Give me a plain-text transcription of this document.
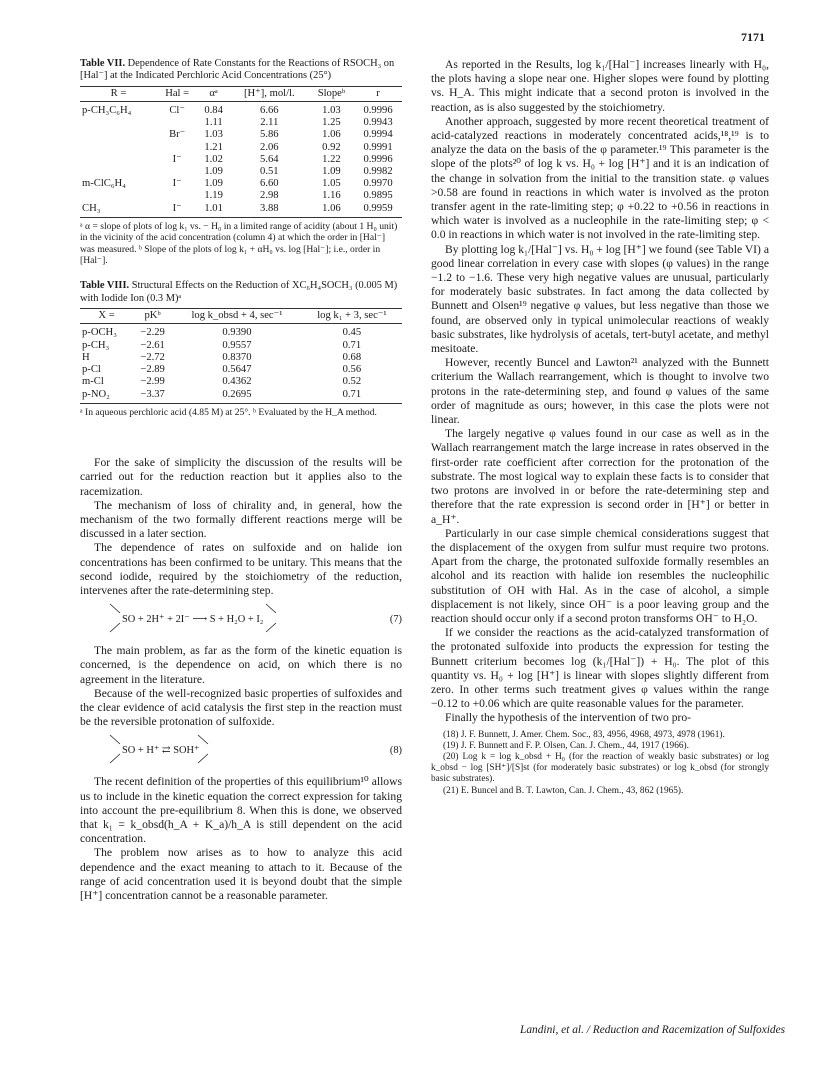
7171
Table VII. Dependence of Rate Constants for the Reactions of RSOCH₃ on [Hal⁻] at the Indicated Perchloric Acid Concentrations (25°)
R =	Hal =	αᵃ	[H⁺], mol/l.	Slopeᵇ	r
p-CH₃C₆H₄	Cl⁻	0.84	6.66	1.03	0.9996
		1.11	2.11	1.25	0.9943
	Br⁻	1.03	5.86	1.06	0.9994
		1.21	2.06	0.92	0.9991
	I⁻	1.02	5.64	1.22	0.9996
		1.09	0.51	1.09	0.9982
m-ClC₆H₄	I⁻	1.09	6.60	1.05	0.9970
		1.19	2.98	1.16	0.9895
CH₃	I⁻	1.01	3.88	1.06	0.9959
ᵃ α = slope of plots of log k₁ vs. − H₀ in a limited range of acidity (about 1 H₀ unit) in the vicinity of the acid concentration (column 4) at which the order in [Hal⁻] was measured. ᵇ Slope of the plots of log k₁ + αH₀ vs. log [Hal⁻]; i.e., order in [Hal⁻].
Table VIII. Structural Effects on the Reduction of XC₆H₄SOCH₃ (0.005 M) with Iodide Ion (0.3 M)ᵃ
X =	pKᵇ	log k_obsd + 4, sec⁻¹	log k₁ + 3, sec⁻¹
p-OCH₃	−2.29	0.9390	0.45
p-CH₃	−2.61	0.9557	0.71
H	−2.72	0.8370	0.68
p-Cl	−2.89	0.5647	0.56
m-Cl	−2.99	0.4362	0.52
p-NO₂	−3.37	0.2695	0.71
ᵃ In aqueous perchloric acid (4.85 M) at 25°. ᵇ Evaluated by the H_A method.

For the sake of simplicity the discussion of the results will be carried out for the reduction reaction but it applies also to the racemization.

The mechanism of loss of chirality and, in general, how the mechanism of the two formally different reactions merge will be discussed in a later section.

The dependence of rates on sulfoxide and on halide ion concentrations has been confirmed to be unitary. This means that the second iodide, required by the stoichiometry of the reduction, intervenes after the rate-determining step.

SO + 2H⁺ + 2I⁻ ⟶ S + H₂O + I₂	(7)

The main problem, as far as the form of the kinetic equation is concerned, is the dependence on acid, on which there is no agreement in the literature.

Because of the well-recognized basic properties of sulfoxides and the clear evidence of acid catalysis the first step in the reaction must be the reversible protonation of sulfoxide.

SO + H⁺ ⇄ SOH⁺	(8)

The recent definition of the properties of this equilibrium¹⁰ allows us to include in the kinetic equation the correct expression for taking into account the pre-equilibrium 8. When this is done, we observed that k₁ = k_obsd(h_A + K_a)/h_A is still dependent on the acid concentration.

The problem now arises as to how to analyze this acid dependence and the exact meaning to attach to it. Because of the range of acid concentration used it is beyond doubt that the simple [H⁺] concentration cannot be a reasonable parameter.

As reported in the Results, log k₁/[Hal⁻] increases linearly with H₀, the plots having a slope near one. Higher slopes were found by plotting vs. H_A. This might indicate that a second proton is involved in the reaction, as is also suggested by the stoichiometry.

Another approach, suggested by more recent theoretical treatment of acid-catalyzed reactions in moderately concentrated acids,¹⁸,¹⁹ is to analyze the data on the basis of the φ parameter.¹⁹ This parameter is the slope of the plots²⁰ of log k vs. H₀ + log [H⁺] and it is an indication of the change in solvation from the initial to the transition state. φ values >0.58 are found in reactions in which water is involved as the proton transfer agent in the rate-limiting step; φ +0.22 to +0.56 in reactions in which water is involved as a nucleophile in the rate-limiting step; φ < 0.0 in reactions in which water is not involved in the rate-limiting step.

By plotting log k₁/[Hal⁻] vs. H₀ + log [H⁺] we found (see Table VI) a good linear correlation in every case with slopes (φ values) in the range −1.2 to −1.6. These very high negative values are unusual, particularly for moderately basic substrates. In fact among the data collected by Bunnett and Olsen¹⁹ negative φ values, but less negative than those we found, are observed only in typical unimolecular reactions of weakly basic substrates, like hydrolysis of acetals, tert-butyl acetate, and methyl mesitoate.

However, recently Buncel and Lawton²¹ analyzed with the Bunnett criterium the Wallach rearrangement, which is thought to involve two protons in the rate-determining step, and found φ values of the same order of magnitude as ours; however, in this case the plots were not linear.

The largely negative φ values found in our case as well as in the Wallach rearrangement match the large increase in rates observed in the first-order rate coefficient after correction for the protonation of the substrate. The most logical way to explain these facts is to consider that two protons are involved in or before the rate-determining step and therefore that the rate expression is second order in [H⁺] or better in a_H⁺.

Particularly in our case simple chemical considerations suggest that the displacement of the oxygen from sulfur must require two protons. Apart from the charge, the protonated sulfoxide formally resembles an alcohol and its reaction with halide ion resembles the nucleophilic substitution of OH with Hal. As in the case of alcohol, a simple displacement is not likely, since OH⁻ is a poor leaving group and the reaction should occur only if a second proton transforms OH⁻ to H₂O.

If we consider the reactions as the acid-catalyzed transformation of the protonated sulfoxide into products the expression for testing the Bunnett criterium becomes log (k₁/[Hal⁻]) + H₀. The plot of this quantity vs. H₀ + log [H⁺] is linear with slopes slightly different from zero. In other terms such treatment gives φ values within the range −0.12 to +0.06 which are quite reasonable values for the parameter.

Finally the hypothesis of the intervention of two pro-

(18) J. F. Bunnett, J. Amer. Chem. Soc., 83, 4956, 4968, 4973, 4978 (1961).

(19) J. F. Bunnett and F. P. Olsen, Can. J. Chem., 44, 1917 (1966).

(20) Log k = log k_obsd + H₀ (for the reaction of weakly basic substrates) or log k_obsd − log [SH⁺]/[S]st (for moderately basic substrates) or log k_obsd (for strongly basic substrates).

(21) E. Buncel and B. T. Lawton, Can. J. Chem., 43, 862 (1965).

Landini, et al. / Reduction and Racemization of Sulfoxides
